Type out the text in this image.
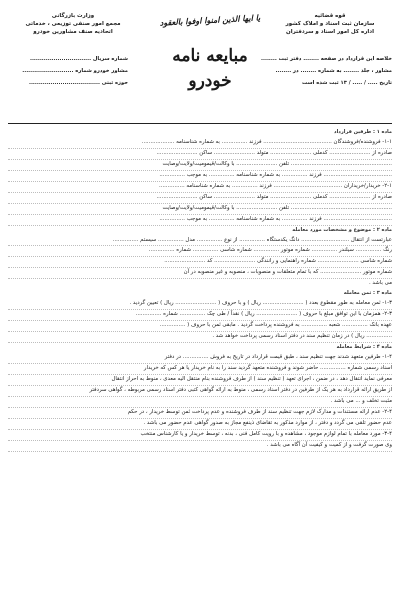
قوه قضائیه
سازمان ثبت اسناد و املاک کشور
اداره کل امور اسناد و سردفتران
یا ایها الذین امنوا اوفوا بالعقود
وزارت بازرگانی
مجمع امور صنفی توزیعی ، خدماتی
اتحادیه صنف مشاورین خودرو
مبایعه نامه
خودرو
خلاصه این قرارداد در صفحه ........ دفتر ثبت ........
مشاور ، جلد ........ به شماره ........ در ........
تاریخ ..... / ..... / ۱۳ ثبت شده است
شماره سریال ...............................
مشاور خودرو شماره ..........................
حوزه ثبتی ....................................
ماده ۱ : طرفین قرارداد
۱-۱- فروشنده/فروشندگان ........................................ فرزند ............... به شماره شناسنامه ...................
صادره از ........................ کدملی ........................ متولد ........................ ساکن ........................
........................................................... تلفن ........................ با وکالت/قیمومیت/ولایت/وصایت
........................................ فرزند ............... به شماره شناسنامه ............... به موجب ...............
۲-۱- خریدار/خریداران ........................................ فرزند ............... به شماره شناسنامه ...............
صادره از ........................ کدملی ........................ متولد ........................ ساکن ........................
........................................................... تلفن ........................ با وکالت/قیمومیت/ولایت/وصایت
........................................ فرزند ............... به شماره شناسنامه ............... به موجب ...............
ماده ۲ : موضوع و مشخصات مورد معامله
عبارتست از انتقال ............................ دانگ یکدستگاه ............... از نوع ............... مدل ............... سیستم ...............
رنگ ............... سیلندر ............... شماره موتور ............... شماره شاسی ............... شماره ...............
شماره شاسی ........................ شماره راهنمایی و رانندگی ........................ کد ........................
شماره موتور ........................ که با تمام متعلقات و منصوبات ، منصوبه و غیر منصوبه در آن
می باشد .
ماده ۳ : ثمن معامله
۱-۳- ثمن معامله به طور مقطوع بعدد ( ........................ ریال ) و با حروف ( ........................ ریال ) تعیین گردید .
۲-۳- همزمان با این توافق مبلغ با حروف ( ........................ ریال ) نقداً / طی چک ............... شماره ...............
عهده بانک ............... شعبه ............... به فروشنده پرداخت گردید . مابقی ثمن با حروف ( ...............
............... ریال ) در زمان تنظیم سند در دفتر اسناد رسمی پرداخت خواهد شد .
ماده ۴ : شرایط معامله
۱-۴- طرفین متعهد شدند جهت تنظیم سند ، طبق قیمت قرارداد در تاریخ به فروش ............... در دفتر
اسناد رسمی شماره ............... حاضر شوند و فروشنده متعهد گردید سند را به نام خریدار یا هر کس که خریدار
معرفی نماید انتقال دهد ، در ضمن ، اجرای تعهد ( تنظیم سند ) از طرف فروشنده بنام منتقل الیه معدی ، منوط به احراز انتقال
از طریق ارائه قرارداد به هر یک از طرفین در دفتر اسناد رسمی ، منوط به ارائه گواهی کتبی دفتر اسناد رسمی مربوطه ، گواهی سردفتر
مثبت تخلف و ... می باشد .
۲-۴- عدم ارائه مستندات و مدارک لازم جهت تنظیم سند از طرف فروشنده و عدم پرداخت ثمن توسط خریدار ، در حکم
عدم حضور تلقی می گردد و دفتر ، از موارد مذکور به تقاضای ذینفع مجاز به صدور گواهی عدم حضور می باشد .
۳-۴- مورد معامله با تمام لوازم موجود ، مشاهده و با رویت کامل فنی ، بدنه ، توسط خریدار و یا کارشناس منتخب
وی صورت گرفت و از کمیت و کیفیت آن آگاه می باشد .
